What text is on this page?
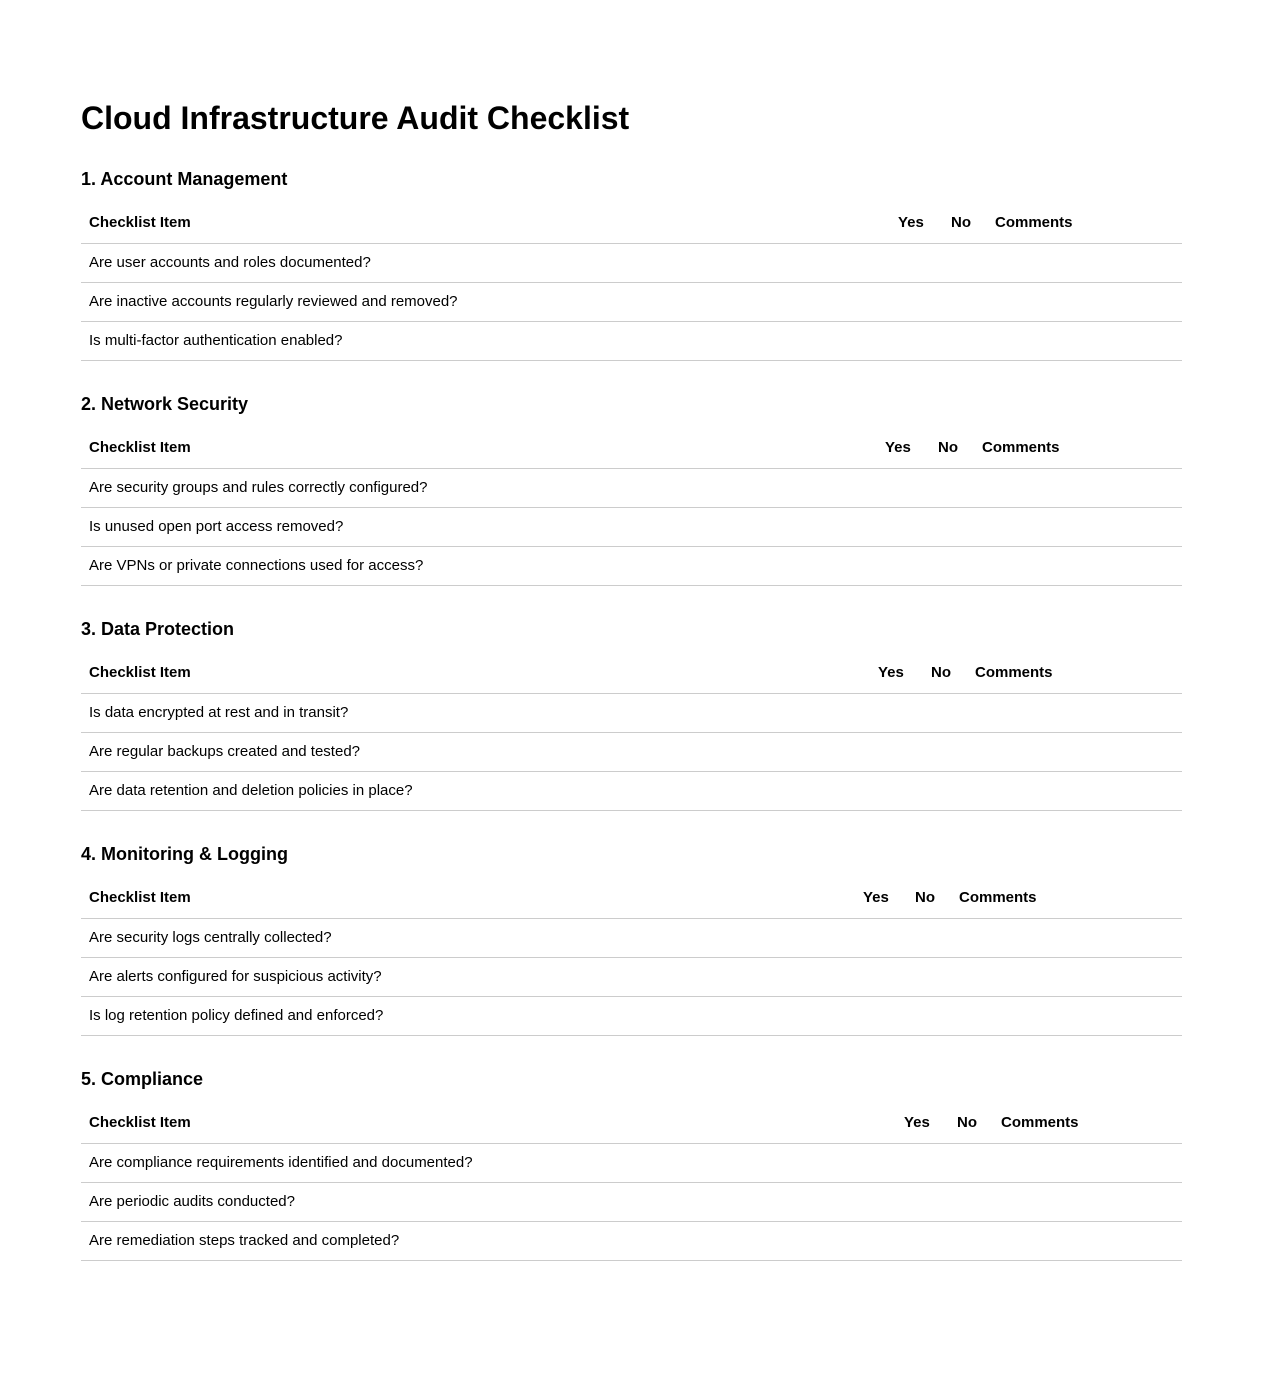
Cloud Infrastructure Audit Checklist
1. Account Management
Checklist Item	Yes No Comments
Are user accounts and roles documented?
Are inactive accounts regularly reviewed and removed?
Is multi-factor authentication enabled?
2. Network Security
Checklist Item	Yes No Comments
Are security groups and rules correctly configured?
Is unused open port access removed?
Are VPNs or private connections used for access?
3. Data Protection
Checklist Item	Yes No Comments
Is data encrypted at rest and in transit?
Are regular backups created and tested?
Are data retention and deletion policies in place?
4. Monitoring & Logging
Checklist Item	Yes No Comments
Are security logs centrally collected?
Are alerts configured for suspicious activity?
Is log retention policy defined and enforced?
5. Compliance
Checklist Item	Yes No Comments
Are compliance requirements identified and documented?
Are periodic audits conducted?
Are remediation steps tracked and completed?
